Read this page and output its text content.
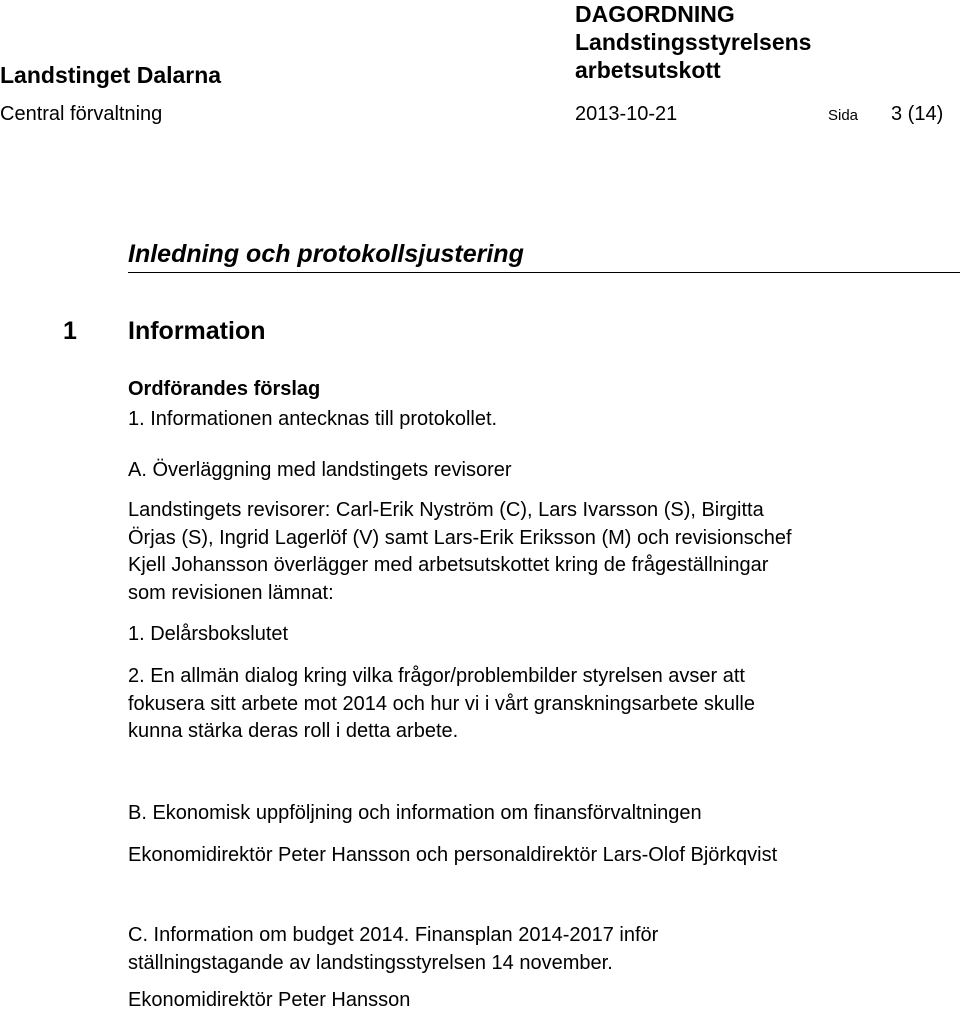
Landstinget Dalarna
DAGORDNING
Landstingsstyrelsens
arbetsutskott
Central förvaltning	2013-10-21	Sida 3 (14)
Inledning och protokollsjustering
1 Information
Ordförandes förslag

1. Informationen antecknas till protokollet.

A. Överläggning med landstingets revisorer

Landstingets revisorer: Carl-Erik Nyström (C), Lars Ivarsson (S), Birgitta

Örjas (S), Ingrid Lagerlöf (V) samt Lars-Erik Eriksson (M) och revisionschef

Kjell Johansson överlägger med arbetsutskottet kring de frågeställningar

som revisionen lämnat:

1. Delårsbokslutet

2. En allmän dialog kring vilka frågor/problembilder styrelsen avser att

fokusera sitt arbete mot 2014 och hur vi i vårt granskningsarbete skulle

kunna stärka deras roll i detta arbete.

B. Ekonomisk uppföljning och information om finansförvaltningen

Ekonomidirektör Peter Hansson och personaldirektör Lars-Olof Björkqvist

C. Information om budget 2014. Finansplan 2014-2017 inför

ställningstagande av landstingsstyrelsen 14 november.

Ekonomidirektör Peter Hansson
